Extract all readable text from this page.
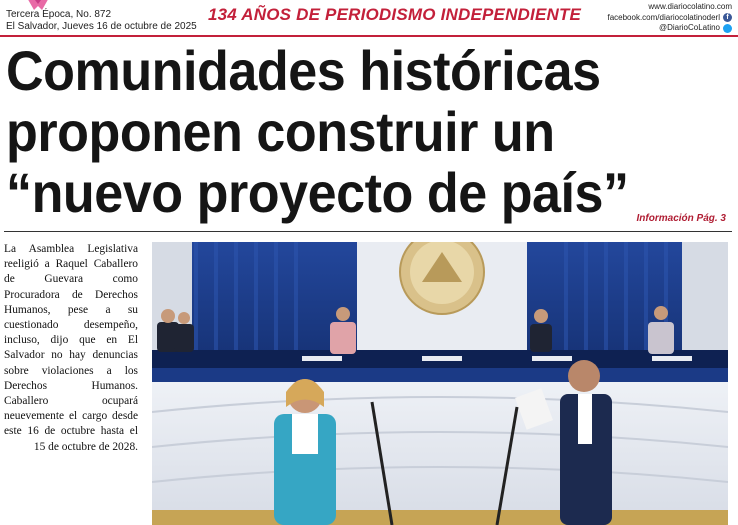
Tercera Época, No. 872
El Salvador, Jueves 16 de octubre de 2025
134 AÑOS DE PERIODISMO INDEPENDIENTE	www.diariocolatino.com
facebook.com/diariocolatinoderl f
@DiarioCoLatino
Comunidades históricas
proponen construir un
“nuevo proyecto de país” Información Pág. 3

La Asamblea Legislativa reeligió a Raquel Caballero de Guevara como Procuradora de Derechos Humanos, pese a su cuestionado desempeño, incluso, dijo que en El Salvador no hay denuncias sobre violaciones a los Derechos Humanos. Caballero ocupará neuevemente el cargo desde este 16 de octubre hasta el 15 de octubre de 2028.
